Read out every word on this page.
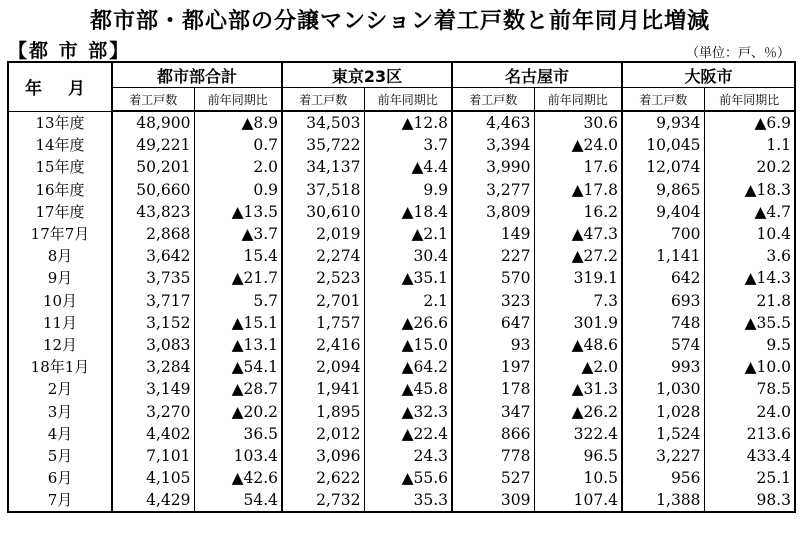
都市部・都心部の分譲マンション着工戸数と前年同月比増減
【都 市 部】	（単位：戸、％）
年 月	都市部合計		東京23区		名古屋市		大阪市	
	着工戸数	前年同期比	着工戸数	前年同期比	着工戸数	前年同期比	着工戸数	前年同期比
13年度	48,900	▲8.9	34,503	▲12.8	4,463	30.6	9,934	▲6.9
14年度	49,221	0.7	35,722	3.7	3,394	▲24.0	10,045	1.1
15年度	50,201	2.0	34,137	▲4.4	3,990	17.6	12,074	20.2
16年度	50,660	0.9	37,518	9.9	3,277	▲17.8	9,865	▲18.3
17年度	43,823	▲13.5	30,610	▲18.4	3,809	16.2	9,404	▲4.7
17年7月	2,868	▲3.7	2,019	▲2.1	149	▲47.3	700	10.4
8月	3,642	15.4	2,274	30.4	227	▲27.2	1,141	3.6
9月	3,735	▲21.7	2,523	▲35.1	570	319.1	642	▲14.3
10月	3,717	5.7	2,701	2.1	323	7.3	693	21.8
11月	3,152	▲15.1	1,757	▲26.6	647	301.9	748	▲35.5
12月	3,083	▲13.1	2,416	▲15.0	93	▲48.6	574	9.5
18年1月	3,284	▲54.1	2,094	▲64.2	197	▲2.0	993	▲10.0
2月	3,149	▲28.7	1,941	▲45.8	178	▲31.3	1,030	78.5
3月	3,270	▲20.2	1,895	▲32.3	347	▲26.2	1,028	24.0
4月	4,402	36.5	2,012	▲22.4	866	322.4	1,524	213.6
5月	7,101	103.4	3,096	24.3	778	96.5	3,227	433.4
6月	4,105	▲42.6	2,622	▲55.6	527	10.5	956	25.1
7月	4,429	54.4	2,732	35.3	309	107.4	1,388	98.3
